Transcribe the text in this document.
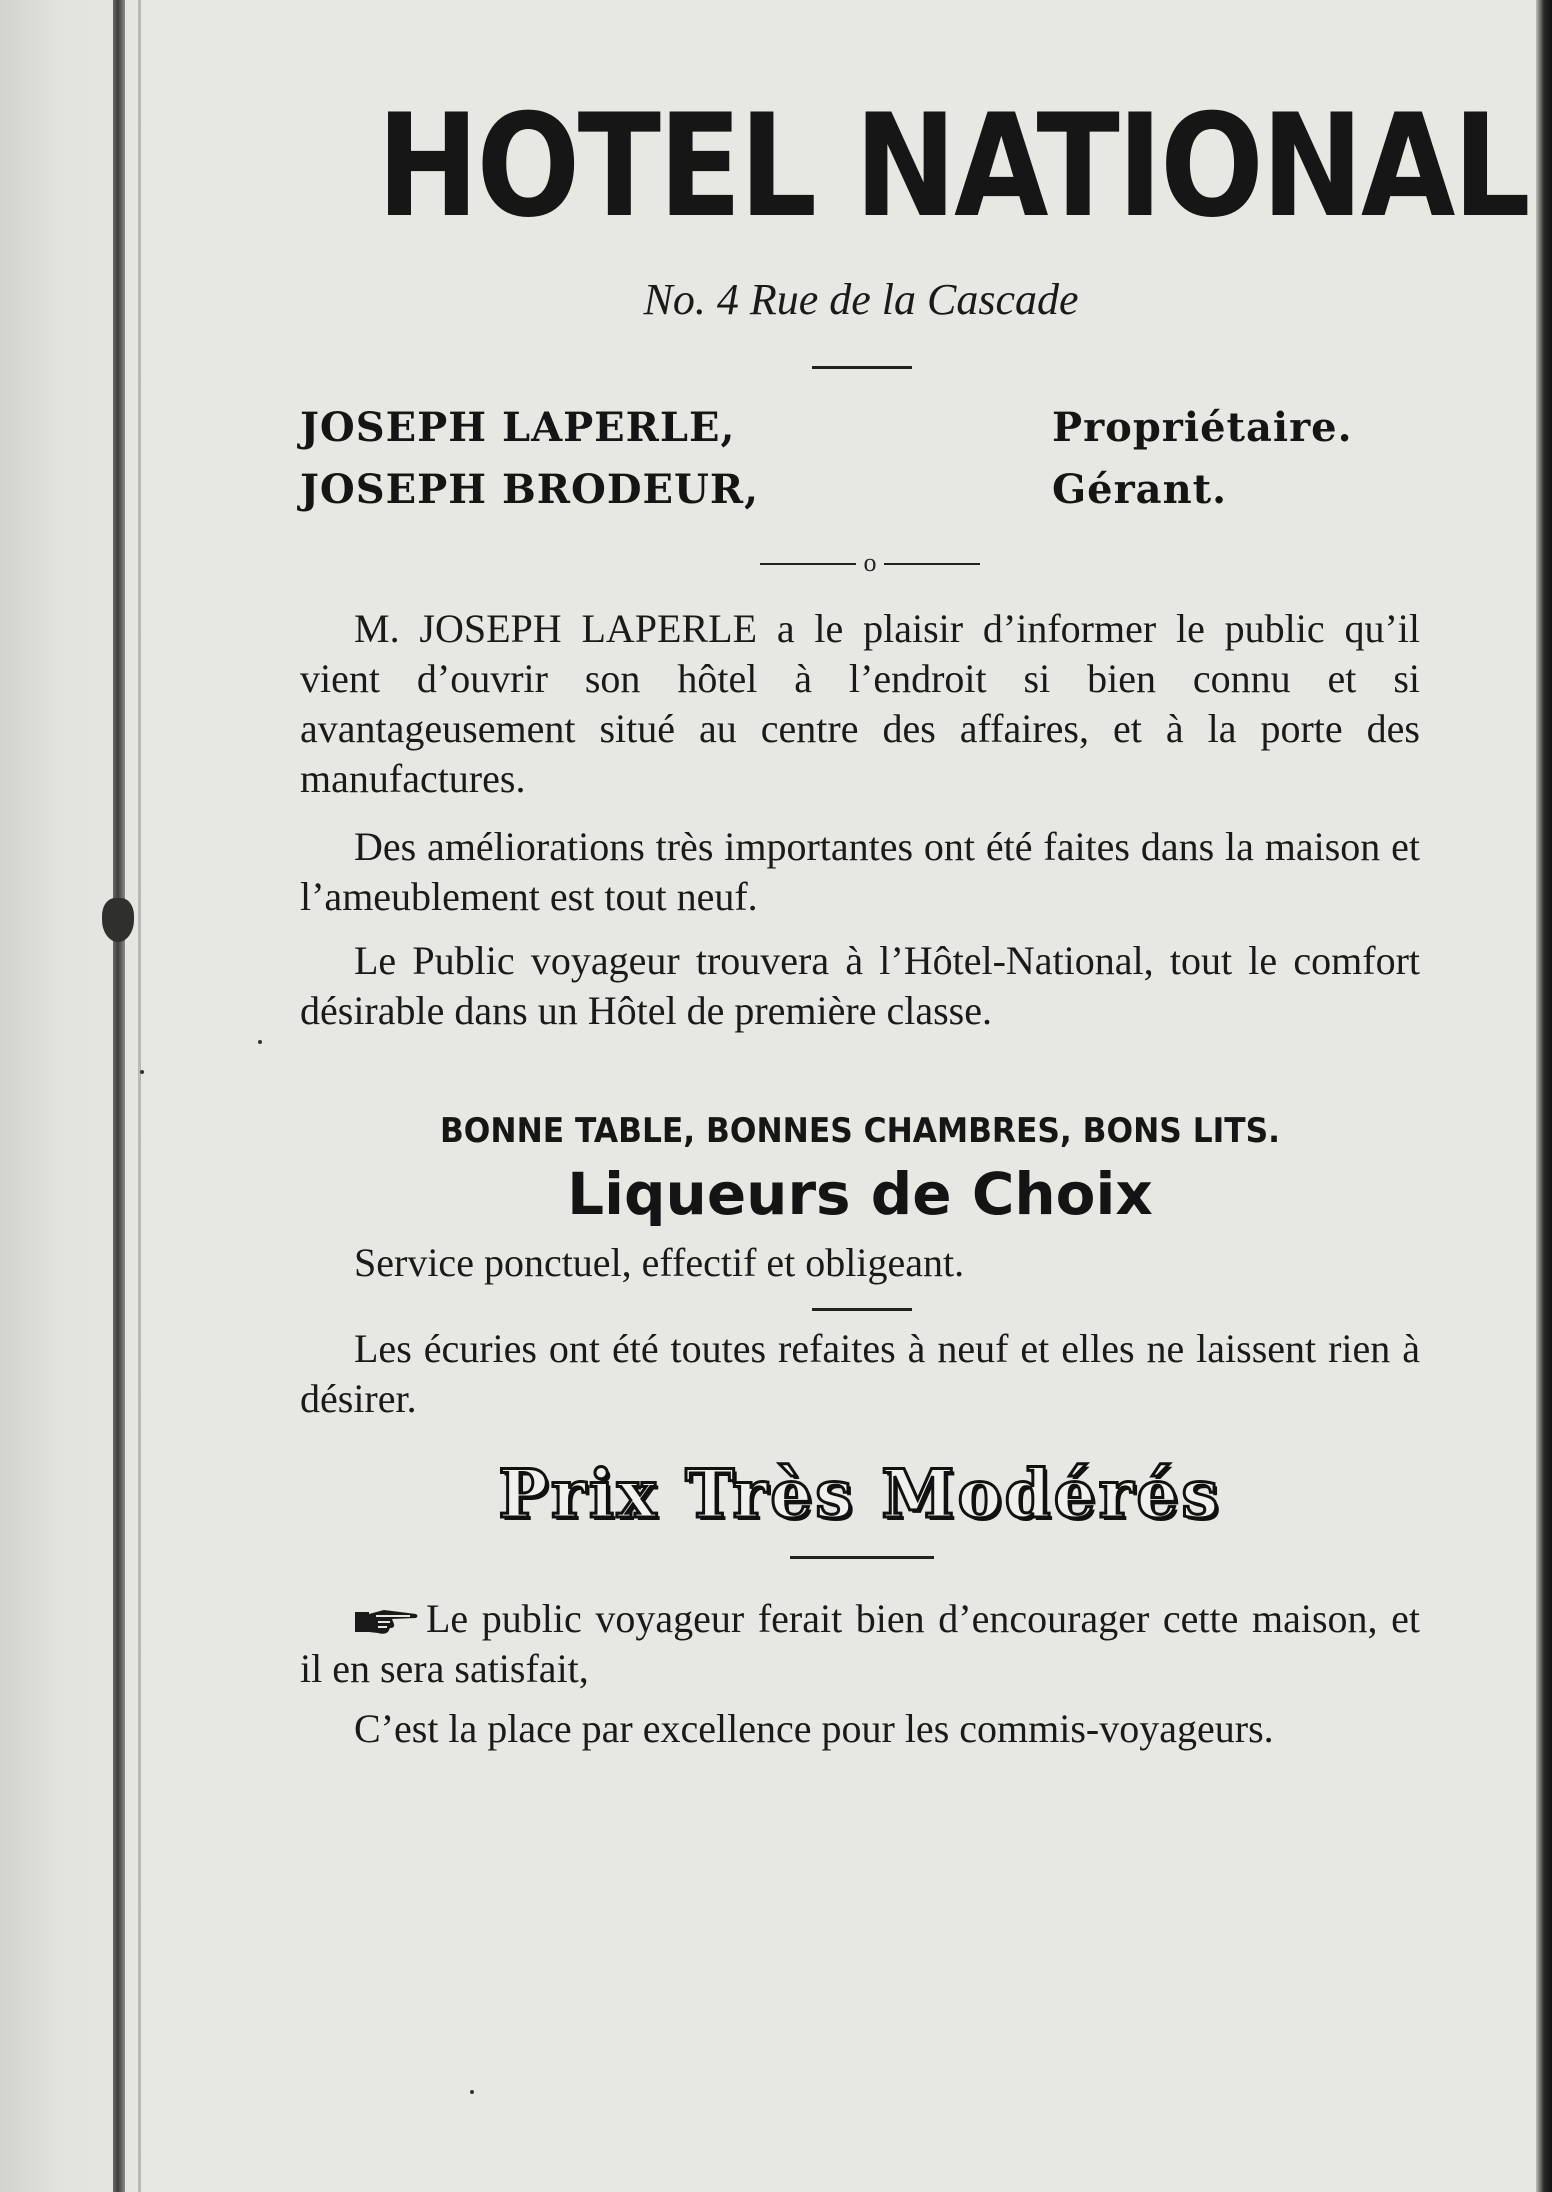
HOTEL NATIONAL
No. 4 Rue de la Cascade
JOSEPH LAPERLE,	Propriétaire.
JOSEPH BRODEUR,	Gérant.
o

M. JOSEPH LAPERLE a le plaisir d’informer le public qu’il vient d’ouvrir son hôtel à l’endroit si bien connu et si avantageusement situé au centre des affaires, et à la porte des manufactures.

Des améliorations très importantes ont été faites dans la maison et l’ameublement est tout neuf.

Le Public voyageur trouvera à l’Hôtel-National, tout le comfort désirable dans un Hôtel de première classe.

BONNE TABLE, BONNES CHAMBRES, BONS LITS.
Liqueurs de Choix
Service ponctuel, effectif et obligeant.

Les écuries ont été toutes refaites à neuf et elles ne laissent rien à désirer.

Prix Très Modérés

Le public voyageur ferait bien d’encourager cette maison, et il en sera satisfait,

C’est la place par excellence pour les commis-voyageurs.
